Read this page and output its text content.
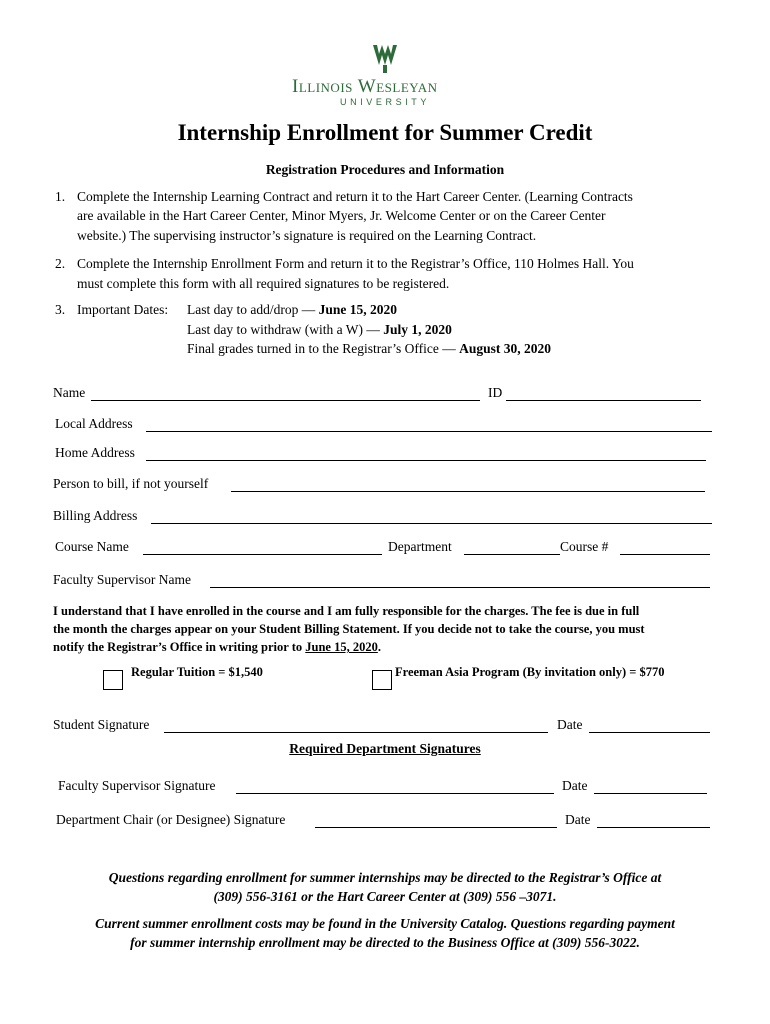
Illinois Wesleyan
UNIVERSITY
Internship Enrollment for Summer Credit
Registration Procedures and Information
1. Complete the Internship Learning Contract and return it to the Hart Career Center. (Learning Contracts
are available in the Hart Career Center, Minor Myers, Jr. Welcome Center or on the Career Center
website.) The supervising instructor’s signature is required on the Learning Contract.
2. Complete the Internship Enrollment Form and return it to the Registrar’s Office, 110 Holmes Hall. You
must complete this form with all required signatures to be registered.
3. Important Dates: Last day to add/drop — June 15, 2020
Last day to withdraw (with a W) — July 1, 2020
Final grades turned in to the Registrar’s Office — August 30, 2020
Name	ID
Local Address
Home Address
Person to bill, if not yourself
Billing Address
Course Name	Department	Course #
Faculty Supervisor Name
I understand that I have enrolled in the course and I am fully responsible for the charges. The fee is due in full
the month the charges appear on your Student Billing Statement. If you decide not to take the course, you must
notify the Registrar’s Office in writing prior to June 15, 2020.
Regular Tuition = $1,540	Freeman Asia Program (By invitation only) = $770
Student Signature	Date
Required Department Signatures
Faculty Supervisor Signature	Date
Department Chair (or Designee) Signature	Date
Questions regarding enrollment for summer internships may be directed to the Registrar’s Office at
(309) 556-3161 or the Hart Career Center at (309) 556 –3071.
Current summer enrollment costs may be found in the University Catalog. Questions regarding payment
for summer internship enrollment may be directed to the Business Office at (309) 556-3022.
